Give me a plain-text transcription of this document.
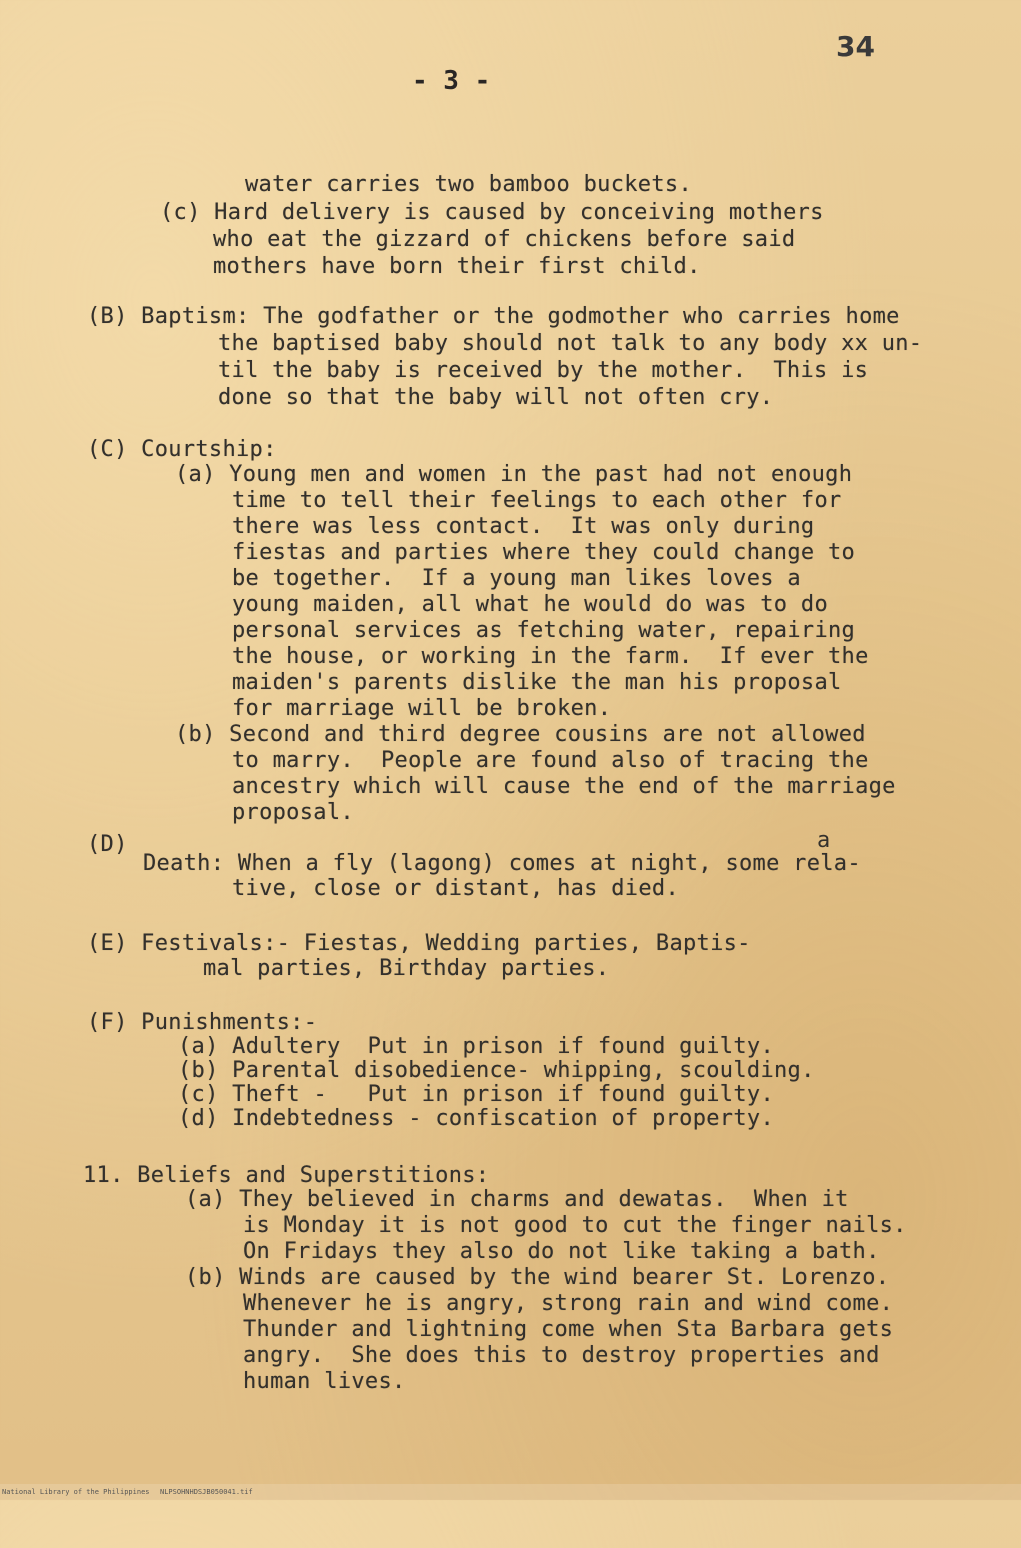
34
- 3 -
water carries two bamboo buckets.
(c) Hard delivery is caused by conceiving mothers
who eat the gizzard of chickens before said
mothers have born their first child.
(B) Baptism: The godfather or the godmother who carries home
the baptised baby should not talk to any body xx un-
til the baby is received by the mother.  This is
done so that the baby will not often cry.
(C) Courtship:
(a) Young men and women in the past had not enough
time to tell their feelings to each other for
there was less contact.  It was only during
fiestas and parties where they could change to
be together.  If a young man likes loves a
young maiden, all what he would do was to do
personal services as fetching water, repairing
the house, or working in the farm.  If ever the
maiden's parents dislike the man his proposal
for marriage will be broken.
(b) Second and third degree cousins are not allowed
to marry.  People are found also of tracing the
ancestry which will cause the end of the marriage
proposal.
(D)	a
Death: When a fly (lagong) comes at night, some rela-
tive, close or distant, has died.
(E) Festivals:- Fiestas, Wedding parties, Baptis-
mal parties, Birthday parties.
(F) Punishments:-
(a) Adultery  Put in prison if found guilty.
(b) Parental disobedience- whipping, scoulding.
(c) Theft -   Put in prison if found guilty.
(d) Indebtedness - confiscation of property.
11. Beliefs and Superstitions:
(a) They believed in charms and dewatas.  When it
is Monday it is not good to cut the finger nails.
On Fridays they also do not like taking a bath.
(b) Winds are caused by the wind bearer St. Lorenzo.
Whenever he is angry, strong rain and wind come.
Thunder and lightning come when Sta Barbara gets
angry.  She does this to destroy properties and
human lives.

National Library of the Philippines

NLPSOHNHDSJB050041.tif
